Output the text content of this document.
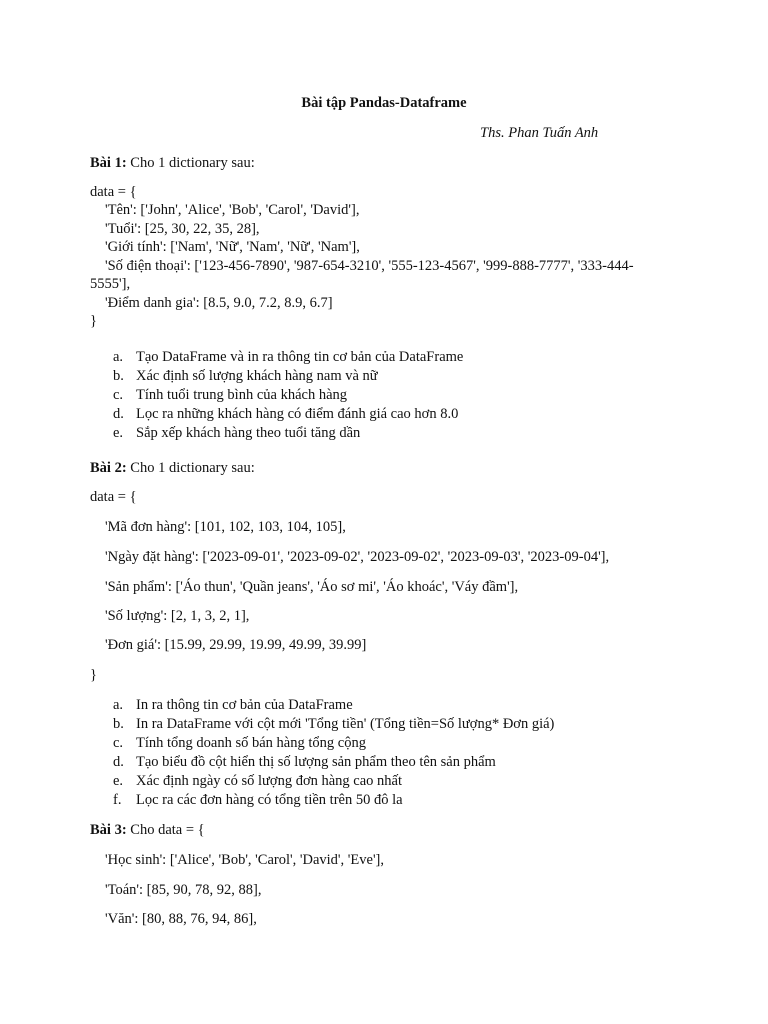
Bài tập Pandas-Dataframe
Ths. Phan Tuấn Anh
Bài 1: Cho 1 dictionary sau:
data = {
'Tên': ['John', 'Alice', 'Bob', 'Carol', 'David'],
'Tuổi': [25, 30, 22, 35, 28],
'Giới tính': ['Nam', 'Nữ', 'Nam', 'Nữ', 'Nam'],
'Số điện thoại': ['123-456-7890', '987-654-3210', '555-123-4567', '999-888-7777', '333-444-
5555'],
'Điểm danh gia': [8.5, 9.0, 7.2, 8.9, 6.7]
}
a. Tạo DataFrame và in ra thông tin cơ bản của DataFrame
b. Xác định số lượng khách hàng nam và nữ
c. Tính tuổi trung bình của khách hàng
d. Lọc ra những khách hàng có điểm đánh giá cao hơn 8.0
e. Sắp xếp khách hàng theo tuổi tăng dần
Bài 2: Cho 1 dictionary sau:
data = {
'Mã đơn hàng': [101, 102, 103, 104, 105],
'Ngày đặt hàng': ['2023-09-01', '2023-09-02', '2023-09-02', '2023-09-03', '2023-09-04'],
'Sản phẩm': ['Áo thun', 'Quần jeans', 'Áo sơ mi', 'Áo khoác', 'Váy đầm'],
'Số lượng': [2, 1, 3, 2, 1],
'Đơn giá': [15.99, 29.99, 19.99, 49.99, 39.99]
}
a. In ra thông tin cơ bản của DataFrame
b. In ra DataFrame với cột mới 'Tổng tiền' (Tổng tiền=Số lượng* Đơn giá)
c. Tính tổng doanh số bán hàng tổng cộng
d. Tạo biểu đồ cột hiển thị số lượng sản phẩm theo tên sản phẩm
e. Xác định ngày có số lượng đơn hàng cao nhất
f. Lọc ra các đơn hàng có tổng tiền trên 50 đô la
Bài 3: Cho data = {
'Học sinh': ['Alice', 'Bob', 'Carol', 'David', 'Eve'],
'Toán': [85, 90, 78, 92, 88],
'Văn': [80, 88, 76, 94, 86],
